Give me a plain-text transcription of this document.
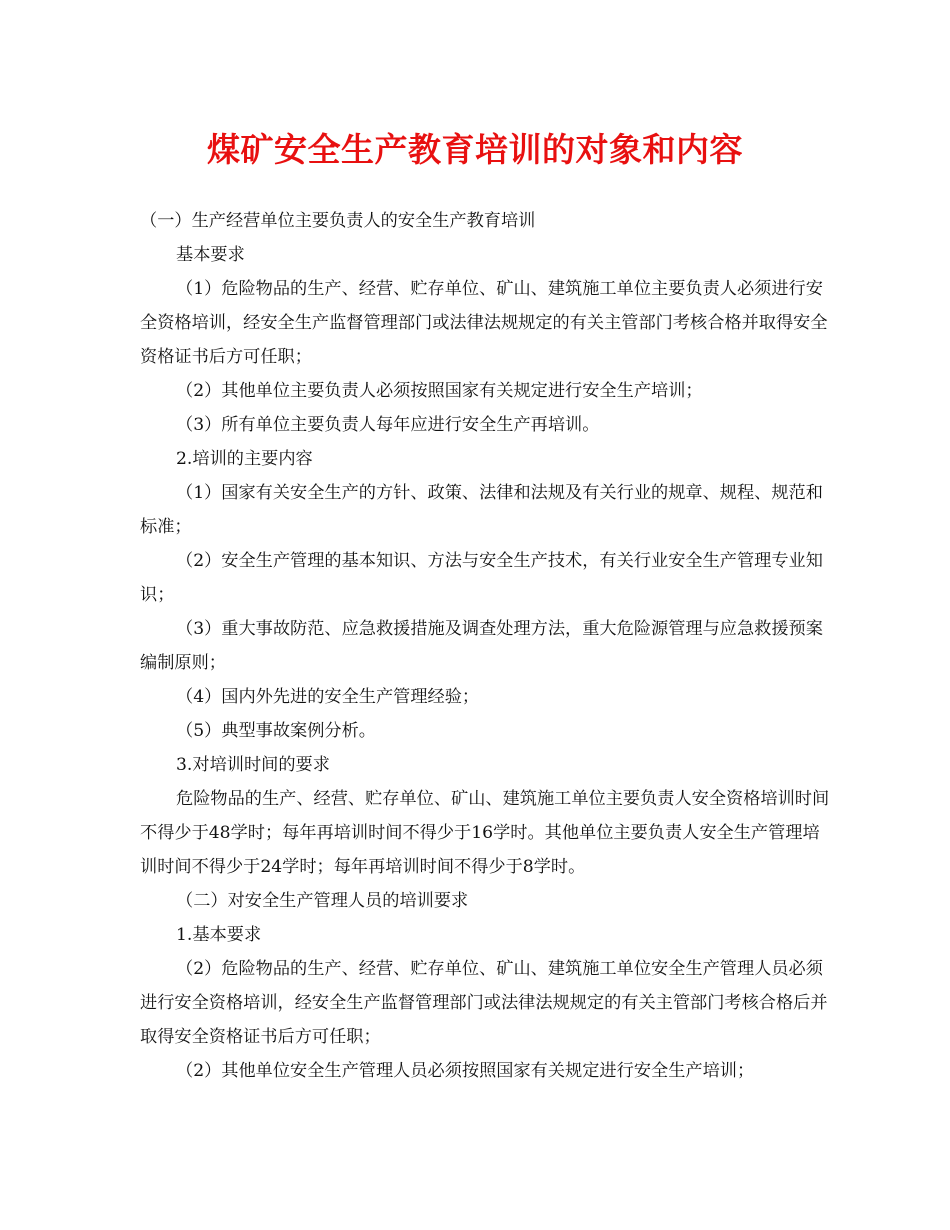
煤矿安全生产教育培训的对象和内容

（一）生产经营单位主要负责人的安全生产教育培训

基本要求

（1）危险物品的生产、经营、贮存单位、矿山、建筑施工单位主要负责人必须进行安全资格培训，经安全生产监督管理部门或法律法规规定的有关主管部门考核合格并取得安全资格证书后方可任职；

（2）其他单位主要负责人必须按照国家有关规定进行安全生产培训；

（3）所有单位主要负责人每年应进行安全生产再培训。

2.培训的主要内容

（1）国家有关安全生产的方针、政策、法律和法规及有关行业的规章、规程、规范和标准；

（2）安全生产管理的基本知识、方法与安全生产技术，有关行业安全生产管理专业知识；

（3）重大事故防范、应急救援措施及调查处理方法，重大危险源管理与应急救援预案编制原则；

（4）国内外先进的安全生产管理经验；

（5）典型事故案例分析。

3.对培训时间的要求

危险物品的生产、经营、贮存单位、矿山、建筑施工单位主要负责人安全资格培训时间不得少于48学时；每年再培训时间不得少于16学时。其他单位主要负责人安全生产管理培训时间不得少于24学时；每年再培训时间不得少于8学时。

（二）对安全生产管理人员的培训要求

1.基本要求

（2）危险物品的生产、经营、贮存单位、矿山、建筑施工单位安全生产管理人员必须进行安全资格培训，经安全生产监督管理部门或法律法规规定的有关主管部门考核合格后并取得安全资格证书后方可任职；

（2）其他单位安全生产管理人员必须按照国家有关规定进行安全生产培训；
